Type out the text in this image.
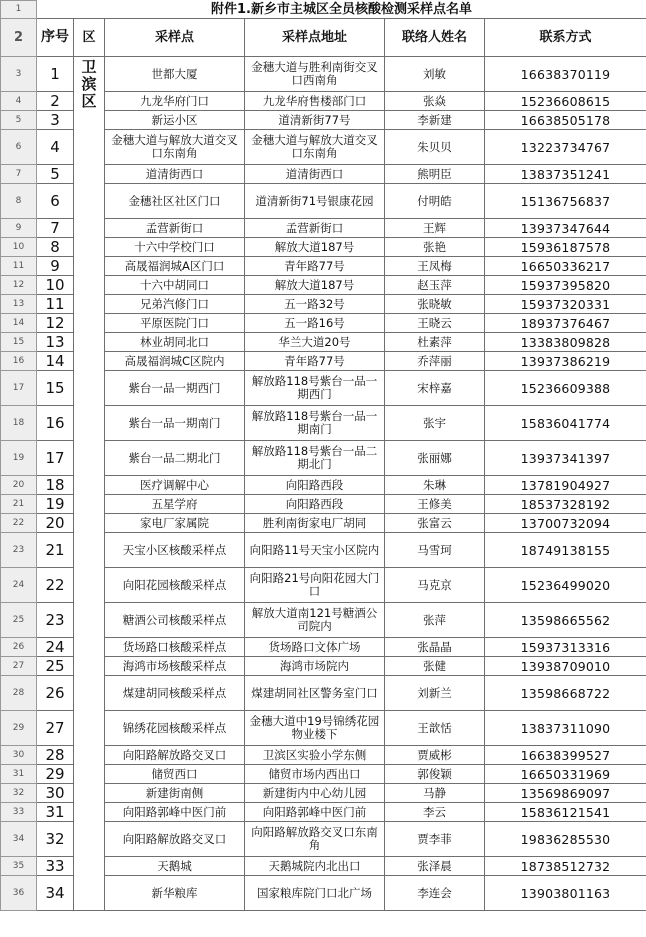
1	附件1.新乡市主城区全员核酸检测采样点名单					
2	序号	区	采样点	采样点地址	联络人姓名	联系方式
3	1	卫滨区	世都大厦	金穗大道与胜利南街交叉口西南角	刘敏	16638370119
4	2		九龙华府门口	九龙华府售楼部门口	张焱	15236608615
5	3		新运小区	道清新街77号	李新建	16638505178
6	4		金穗大道与解放大道交叉口东南角	金穗大道与解放大道交叉口东南角	朱贝贝	13223734767
7	5		道清街西口	道清街西口	熊明臣	13837351241
8	6		金穗社区社区门口	道清新街71号银康花园	付明皓	15136756837
9	7		孟营新街口	孟营新街口	王辉	13937347644
10	8		十六中学校门口	解放大道187号	张艳	15936187578
11	9		高晟福润城A区门口	青年路77号	王凤梅	16650336217
12	10		十六中胡同口	解放大道187号	赵玉萍	15937395820
13	11		兄弟汽修门口	五一路32号	张晓敏	15937320331
14	12		平原医院门口	五一路16号	王晓云	18937376467
15	13		林业胡同北口	华兰大道20号	杜素萍	13383809828
16	14		高晟福润城C区院内	青年路77号	乔萍丽	13937386219
17	15		紫台一品一期西门	解放路118号紫台一品一期西门	宋梓嘉	15236609388
18	16		紫台一品一期南门	解放路118号紫台一品一期南门	张宇	15836041774
19	17		紫台一品二期北门	解放路118号紫台一品二期北门	张丽娜	13937341397
20	18		医疗调解中心	向阳路西段	朱琳	13781904927
21	19		五星学府	向阳路西段	王修美	18537328192
22	20		家电厂家属院	胜利南街家电厂胡同	张富云	13700732094
23	21		天宝小区核酸采样点	向阳路11号天宝小区院内	马雪珂	18749138155
24	22		向阳花园核酸采样点	向阳路21号向阳花园大门口	马克京	15236499020
25	23		糖酒公司核酸采样点	解放大道南121号糖酒公司院内	张萍	13598665562
26	24		货场路口核酸采样点	货场路口文体广场	张晶晶	15937313316
27	25		海鸿市场核酸采样点	海鸿市场院内	张健	13938709010
28	26		煤建胡同核酸采样点	煤建胡同社区警务室门口	刘新兰	13598668722
29	27		锦绣花园核酸采样点	金穗大道中19号锦绣花园物业楼下	王歆恬	13837311090
30	28		向阳路解放路交叉口	卫滨区实验小学东侧	贾威彬	16638399527
31	29		储贸西口	储贸市场内西出口	郭俊颖	16650331969
32	30		新建街南侧	新建街内中心幼儿园	马静	13569869097
33	31		向阳路郭峰中医门前	向阳路郭峰中医门前	李云	15836121541
34	32		向阳路解放路交叉口	向阳路解放路交叉口东南角	贾李菲	19836285530
35	33		天鹅城	天鹅城院内北出口	张泽晨	18738512732
36	34		新华粮库	国家粮库院门口北广场	李连会	13903801163
